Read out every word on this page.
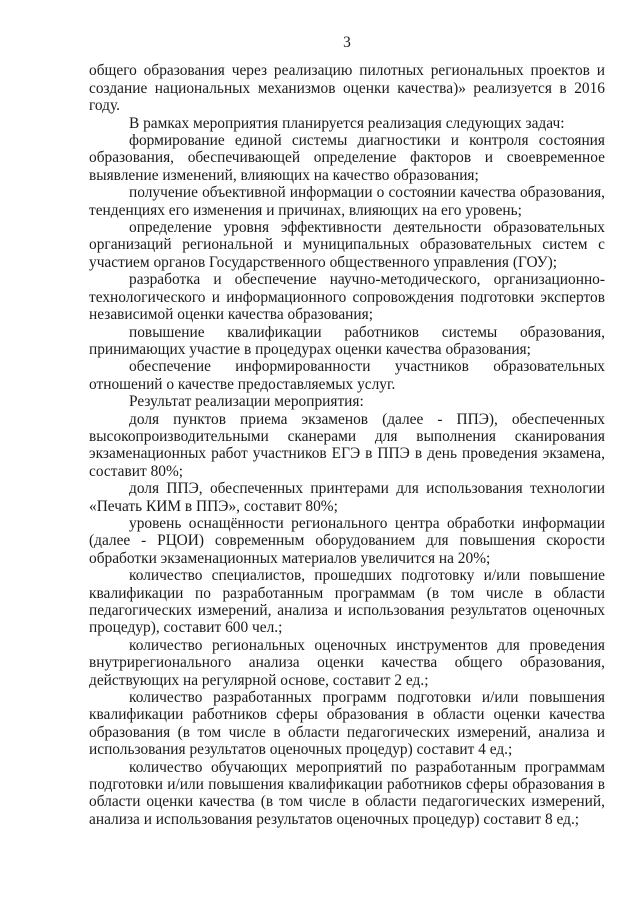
3

общего образования через реализацию пилотных региональных проектов и создание национальных механизмов оценки качества)» реализуется в 2016 году.

В рамках мероприятия планируется реализация следующих задач:

формирование единой системы диагностики и контроля состояния образования, обеспечивающей определение факторов и своевременное выявление изменений, влияющих на качество образования;

получение объективной информации о состоянии качества образования, тенденциях его изменения и причинах, влияющих на его уровень;

определение уровня эффективности деятельности образовательных организаций региональной и муниципальных образовательных систем с участием органов Государственного общественного управления (ГОУ);

разработка и обеспечение научно-методического, организационно-технологического и информационного сопровождения подготовки экспертов независимой оценки качества образования;

повышение квалификации работников системы образования, принимающих участие в процедурах оценки качества образования;

обеспечение информированности участников образовательных отношений о качестве предоставляемых услуг.

Результат реализации мероприятия:

доля пунктов приема экзаменов (далее - ППЭ), обеспеченных высокопроизводительными сканерами для выполнения сканирования экзаменационных работ участников ЕГЭ в ППЭ в день проведения экзамена, составит 80%;

доля ППЭ, обеспеченных принтерами для использования технологии «Печать КИМ в ППЭ», составит 80%;

уровень оснащённости регионального центра обработки информации (далее - РЦОИ) современным оборудованием для повышения скорости обработки экзаменационных материалов увеличится на 20%;

количество специалистов, прошедших подготовку и/или повышение квалификации по разработанным программам (в том числе в области педагогических измерений, анализа и использования результатов оценочных процедур), составит 600 чел.;

количество региональных оценочных инструментов для проведения внутрирегионального анализа оценки качества общего образования, действующих на регулярной основе, составит 2 ед.;

количество разработанных программ подготовки и/или повышения квалификации работников сферы образования в области оценки качества образования (в том числе в области педагогических измерений, анализа и использования результатов оценочных процедур) составит 4 ед.;

количество обучающих мероприятий по разработанным программам подготовки и/или повышения квалификации работников сферы образования в области оценки качества (в том числе в области педагогических измерений, анализа и использования результатов оценочных процедур) составит 8 ед.;
